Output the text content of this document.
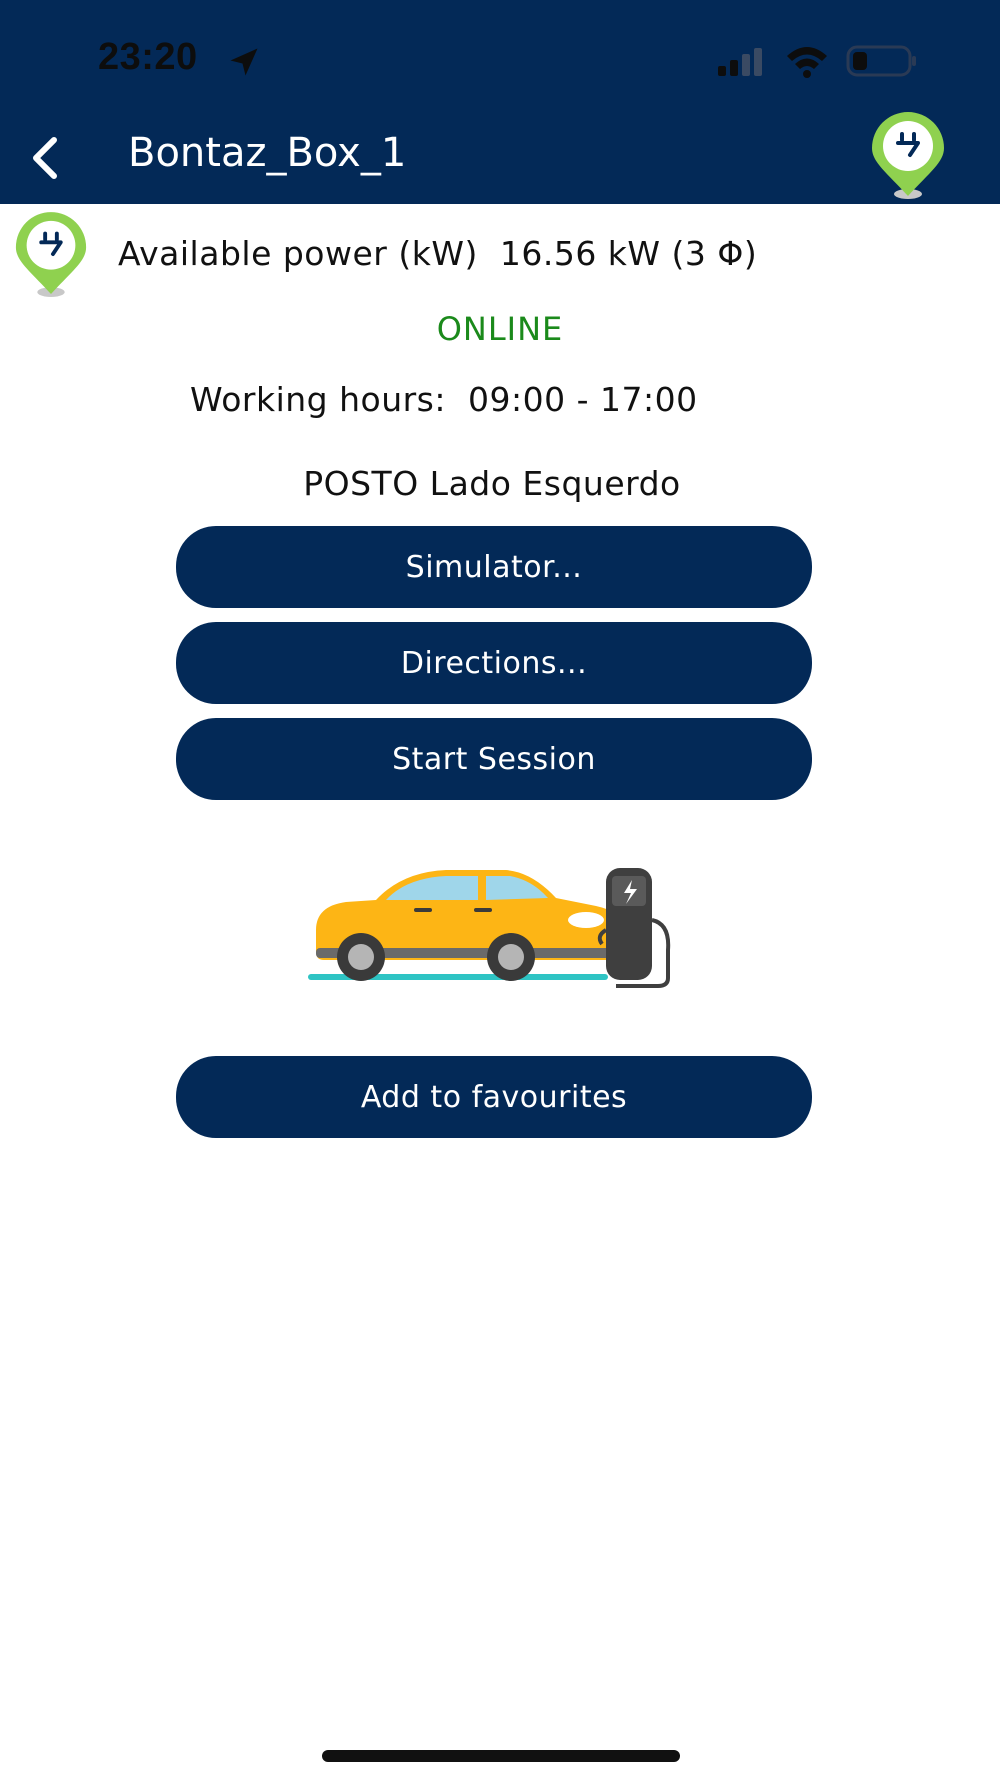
23:20
Bontaz_Box_1
Available power (kW) 16.56 kW (3 Φ)
ONLINE
Working hours: 09:00 - 17:00
POSTO Lado Esquerdo
Simulator...
Directions...
Start Session
Add to favourites
